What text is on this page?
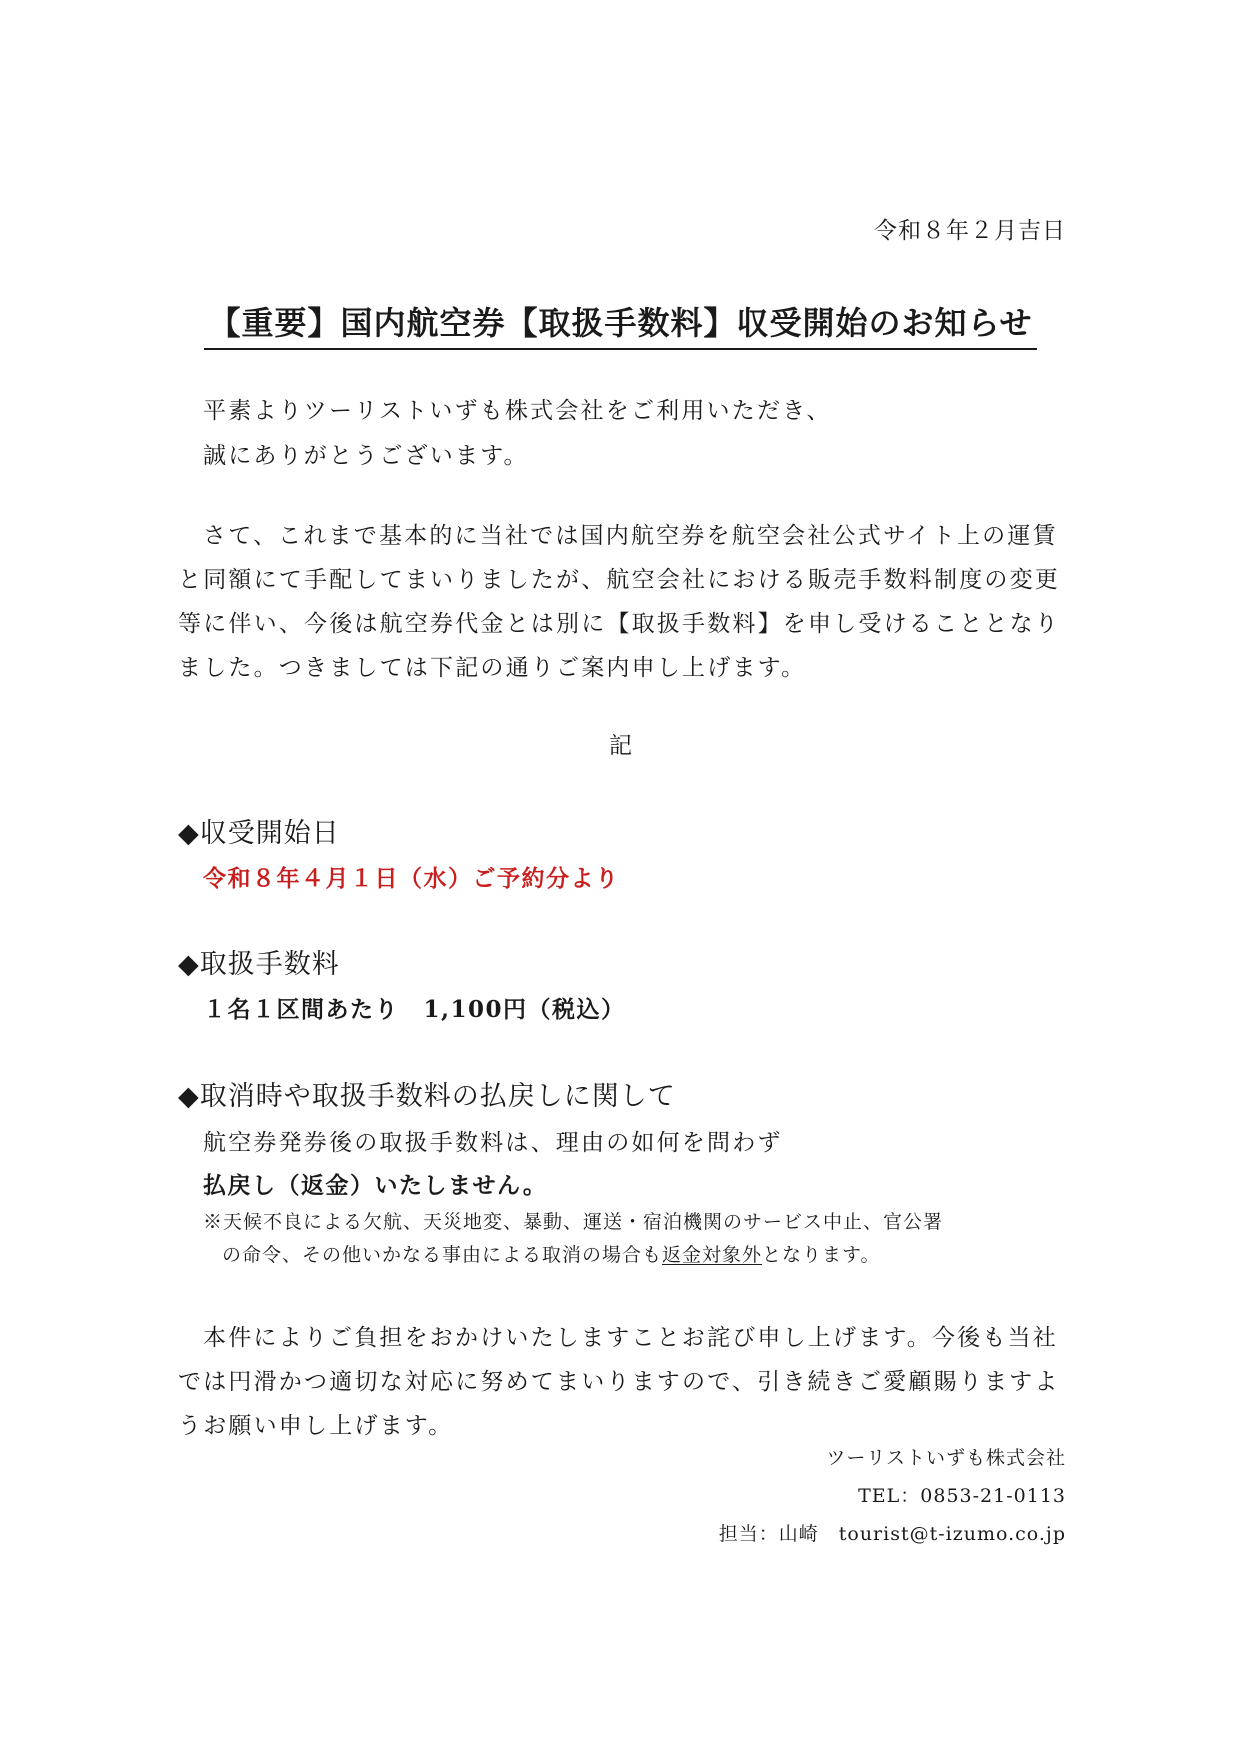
令和８年２月吉日
【重要】国内航空券【取扱手数料】収受開始のお知らせ
平素よりツーリストいずも株式会社をご利用いただき、
誠にありがとうございます。
さて、これまで基本的に当社では国内航空券を航空会社公式サイト上の運賃
と同額にて手配してまいりましたが、航空会社における販売手数料制度の変更
等に伴い、今後は航空券代金とは別に【取扱手数料】を申し受けることとなり
ました。つきましては下記の通りご案内申し上げます。
記
◆収受開始日
令和８年４月１日（水）ご予約分より
◆取扱手数料
１名１区間あたり　1,100円（税込）
◆取消時や取扱手数料の払戻しに関して
航空券発券後の取扱手数料は、理由の如何を問わず
払戻し（返金）いたしません。
※天候不良による欠航、天災地変、暴動、運送・宿泊機関のサービス中止、官公署
の命令、その他いかなる事由による取消の場合も返金対象外となります。
本件によりご負担をおかけいたしますことお詫び申し上げます。今後も当社
では円滑かつ適切な対応に努めてまいりますので、引き続きご愛顧賜りますよ
うお願い申し上げます。
ツーリストいずも株式会社
TEL：0853-21-0113
担当：山崎　tourist@t-izumo.co.jp
